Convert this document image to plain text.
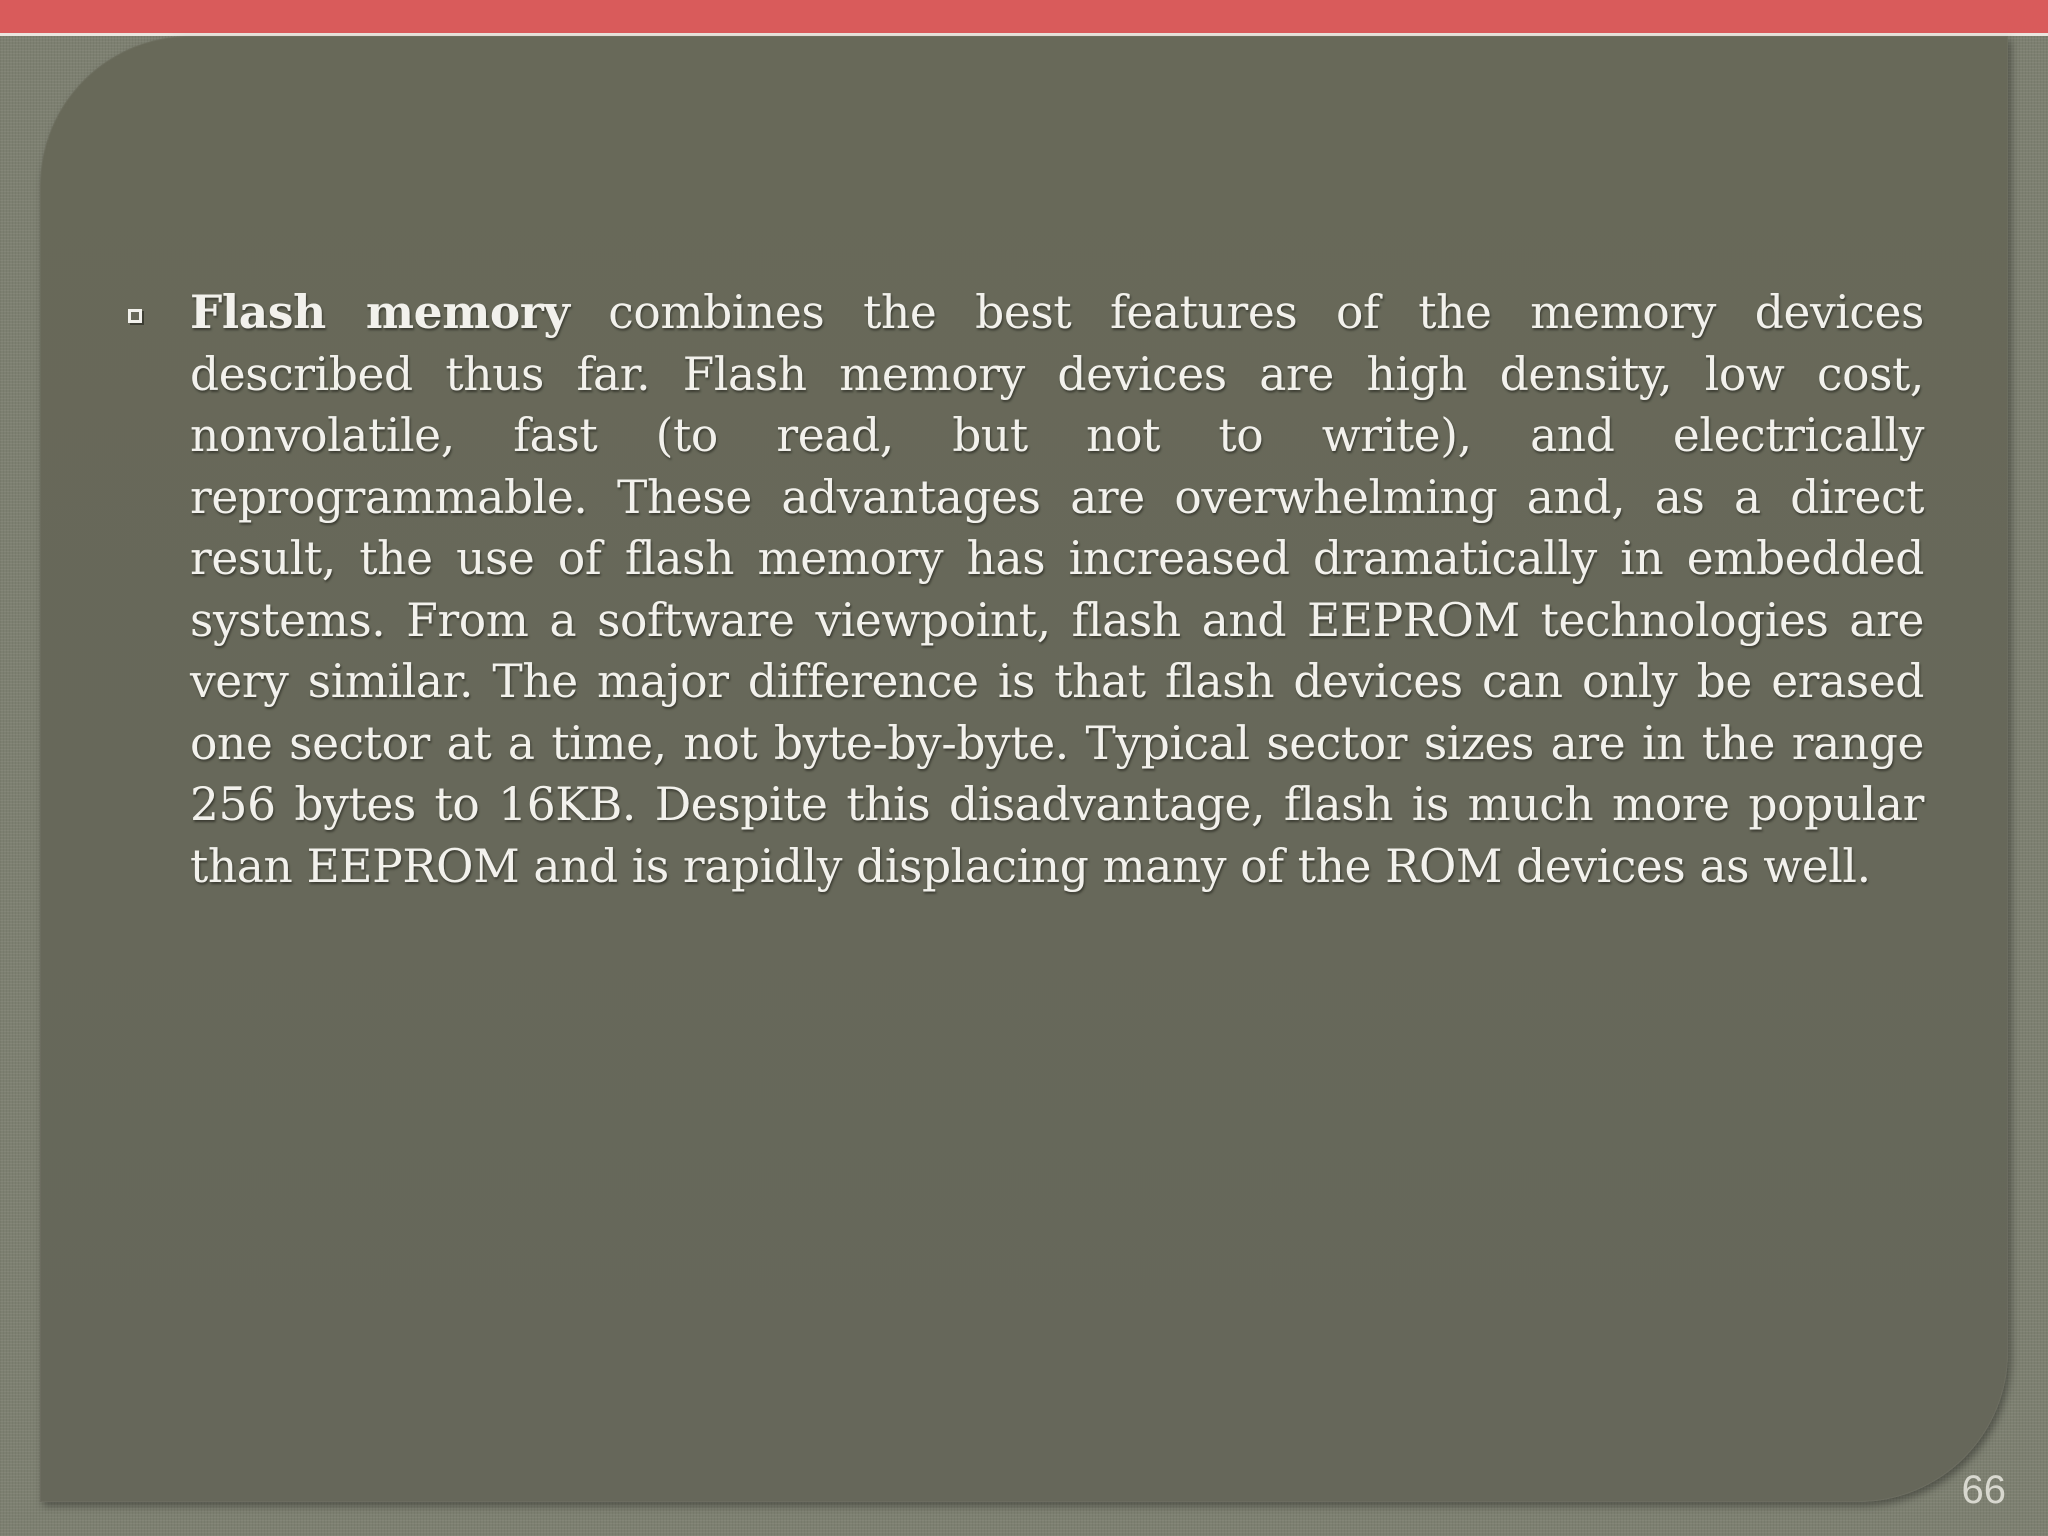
Flash memory combines the best features of the memory devices described thus far. Flash memory devices are high density, low cost, nonvolatile, fast (to read, but not to write), and electrically reprogrammable. These advantages are overwhelming and, as a direct result, the use of flash memory has increased dramatically in embedded systems. From a software viewpoint, flash and EEPROM technologies are very similar. The major difference is that flash devices can only be erased one sector at a time, not byte-by-byte. Typical sector sizes are in the range 256 bytes to 16KB. Despite this disadvantage, flash is much more popular than EEPROM and is rapidly displacing many of the ROM devices as well.

66
